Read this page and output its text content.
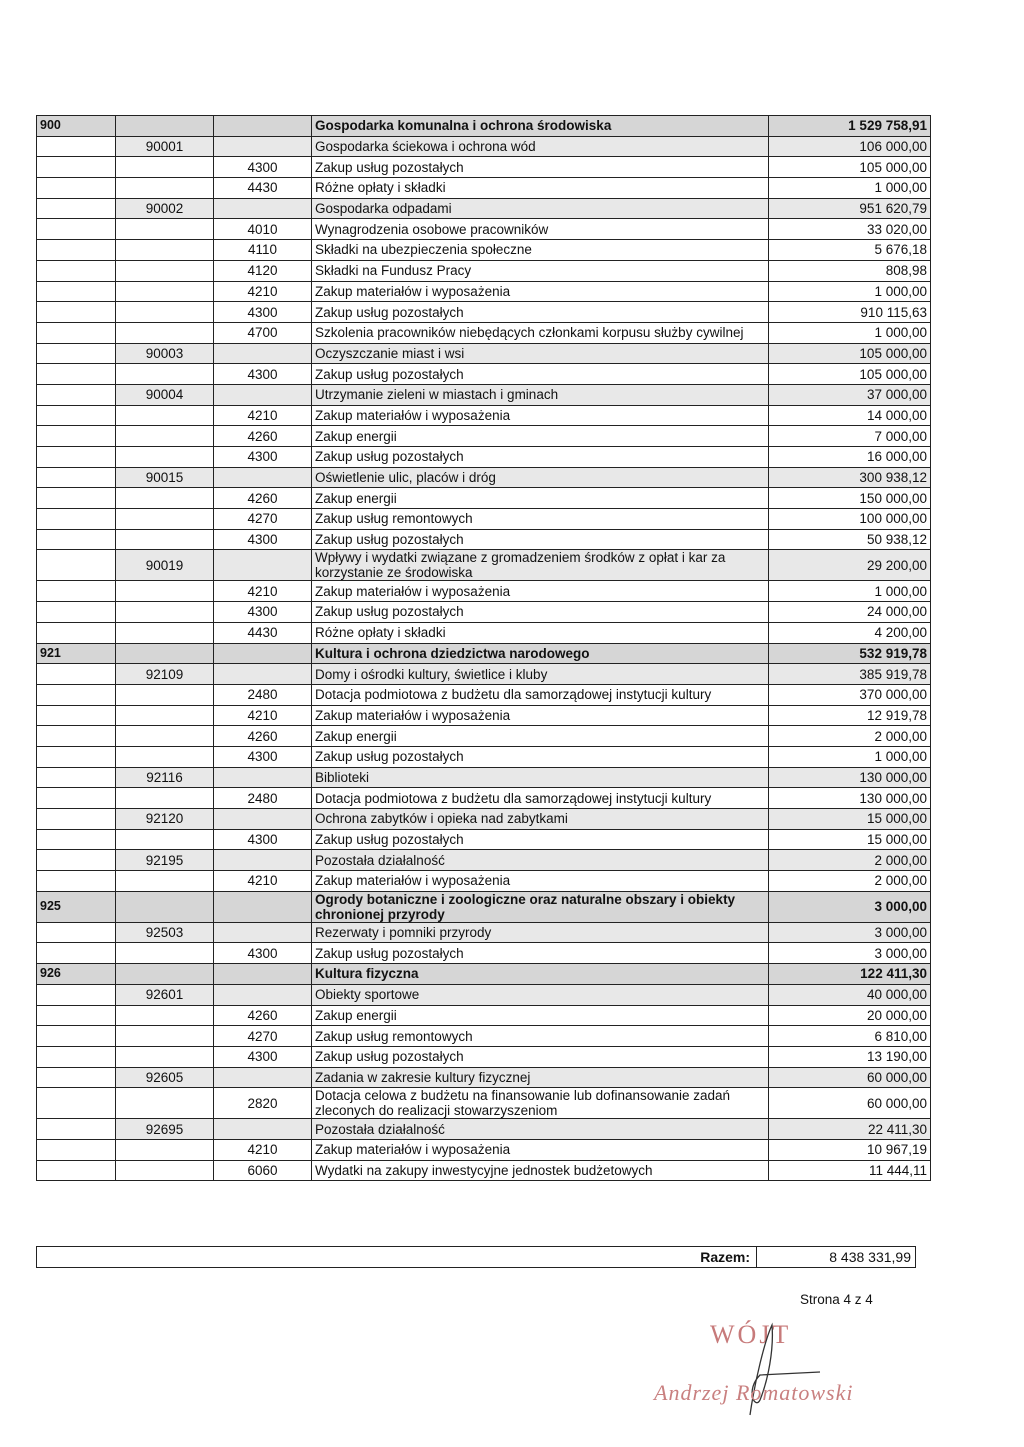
900			Gospodarka komunalna i ochrona środowiska	1 529 758,91
	90001		Gospodarka ściekowa i ochrona wód	106 000,00
		4300	Zakup usług pozostałych	105 000,00
		4430	Różne opłaty i składki	1 000,00
	90002		Gospodarka odpadami	951 620,79
		4010	Wynagrodzenia osobowe pracowników	33 020,00
		4110	Składki na ubezpieczenia społeczne	5 676,18
		4120	Składki na Fundusz Pracy	808,98
		4210	Zakup materiałów i wyposażenia	1 000,00
		4300	Zakup usług pozostałych	910 115,63
		4700	Szkolenia pracowników niebędących członkami korpusu służby cywilnej	1 000,00
	90003		Oczyszczanie miast i wsi	105 000,00
		4300	Zakup usług pozostałych	105 000,00
	90004		Utrzymanie zieleni w miastach i gminach	37 000,00
		4210	Zakup materiałów i wyposażenia	14 000,00
		4260	Zakup energii	7 000,00
		4300	Zakup usług pozostałych	16 000,00
	90015		Oświetlenie ulic, placów i dróg	300 938,12
		4260	Zakup energii	150 000,00
		4270	Zakup usług remontowych	100 000,00
		4300	Zakup usług pozostałych	50 938,12
	90019		Wpływy i wydatki związane z gromadzeniem środków z opłat i kar za korzystanie ze środowiska	29 200,00
		4210	Zakup materiałów i wyposażenia	1 000,00
		4300	Zakup usług pozostałych	24 000,00
		4430	Różne opłaty i składki	4 200,00
921			Kultura i ochrona dziedzictwa narodowego	532 919,78
	92109		Domy i ośrodki kultury, świetlice i kluby	385 919,78
		2480	Dotacja podmiotowa z budżetu dla samorządowej instytucji kultury	370 000,00
		4210	Zakup materiałów i wyposażenia	12 919,78
		4260	Zakup energii	2 000,00
		4300	Zakup usług pozostałych	1 000,00
	92116		Biblioteki	130 000,00
		2480	Dotacja podmiotowa z budżetu dla samorządowej instytucji kultury	130 000,00
	92120		Ochrona zabytków i opieka nad zabytkami	15 000,00
		4300	Zakup usług pozostałych	15 000,00
	92195		Pozostała działalność	2 000,00
		4210	Zakup materiałów i wyposażenia	2 000,00
925			Ogrody botaniczne i zoologiczne oraz naturalne obszary i obiekty chronionej przyrody	3 000,00
	92503		Rezerwaty i pomniki przyrody	3 000,00
		4300	Zakup usług pozostałych	3 000,00
926			Kultura fizyczna	122 411,30
	92601		Obiekty sportowe	40 000,00
		4260	Zakup energii	20 000,00
		4270	Zakup usług remontowych	6 810,00
		4300	Zakup usług pozostałych	13 190,00
	92605		Zadania w zakresie kultury fizycznej	60 000,00
		2820	Dotacja celowa z budżetu na finansowanie lub dofinansowanie zadań zleconych do realizacji stowarzyszeniom	60 000,00
	92695		Pozostała działalność	22 411,30
		4210	Zakup materiałów i wyposażenia	10 967,19
		6060	Wydatki na zakupy inwestycyjne jednostek budżetowych	11 444,11
Razem:	8 438 331,99
Strona 4 z 4
WÓJT
Andrzej Romatowski
